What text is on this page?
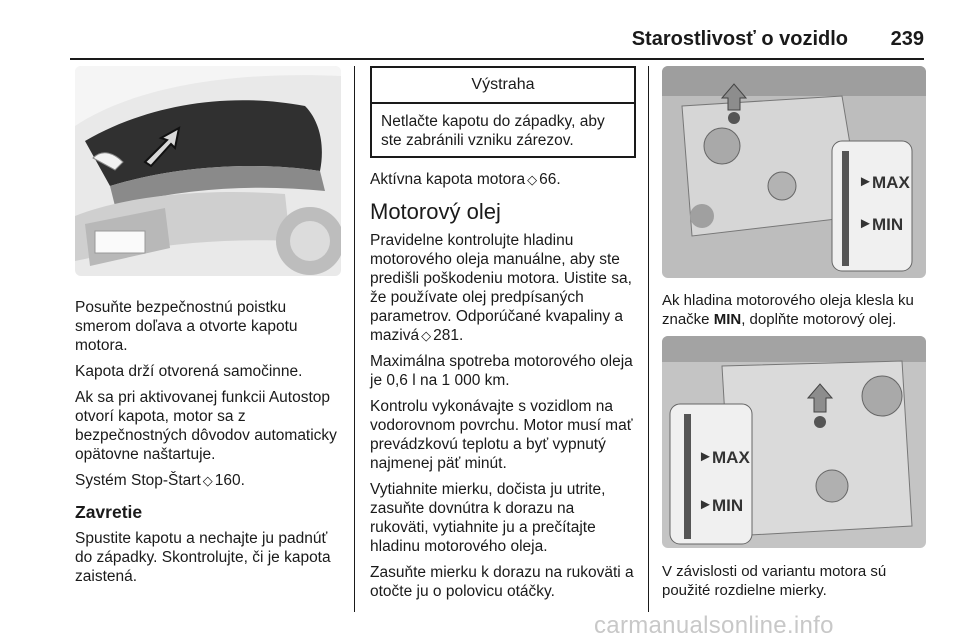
Starostlivosť o vozidlo 239

Posuňte bezpečnostnú poistku smerom doľava a otvorte kapotu motora.

Kapota drží otvorená samočinne.

Ak sa pri aktivovanej funkcii Autostop otvorí kapota, motor sa z bezpečnostných dôvodov automaticky opätovne naštartuje.

Systém Stop-Štart ◇ 160.

Zavretie

Spustite kapotu a nechajte ju padnúť do západky. Skontrolujte, či je kapota zaistená.

Výstraha

Netlačte kapotu do západky, aby ste zabránili vzniku zárezov.

Aktívna kapota motora ◇ 66.

Motorový olej

Pravidelne kontrolujte hladinu motorového oleja manuálne, aby ste predišli poškodeniu motora. Uistite sa, že používate olej predpísaných parametrov. Odporúčané kvapaliny a mazivá ◇ 281.

Maximálna spotreba motorového oleja je 0,6 l na 1 000 km.

Kontrolu vykonávajte s vozidlom na vodorovnom povrchu. Motor musí mať prevádzkovú teplotu a byť vypnutý najmenej päť minút.

Vytiahnite mierku, dočista ju utrite, zasuňte dovnútra k dorazu na rukoväti, vytiahnite ju a prečítajte hladinu motorového oleja.

Zasuňte mierku k dorazu na rukoväti a otočte ju o polovicu otáčky.

► MAX
► MIN

Ak hladina motorového oleja klesla ku značke MIN, doplňte motorový olej.

► MAX
► MIN

V závislosti od variantu motora sú použité rozdielne mierky.

carmanualsonline.info
